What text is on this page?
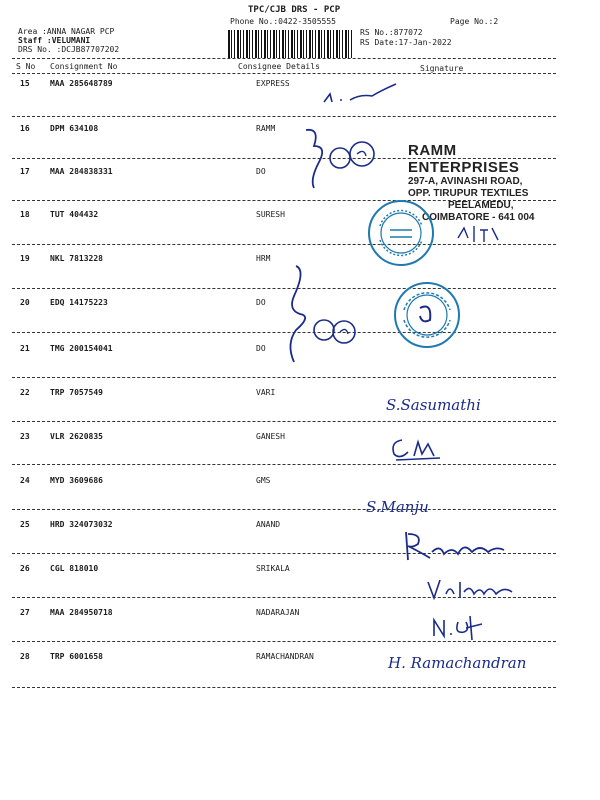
TPC/CJB DRS - PCP
Phone No.:0422-3505555	Page No.:2
Area :ANNA NAGAR PCP
Staff :VELUMANI
DRS No. :DCJB87707202
RS No.:877072
RS Date:17-Jan-2022
S No Consignment No	Consignee Details	Signature
15	MAA 285648789	EXPRESS
16	DPM 634108	RAMM
17	MAA 284838331	DO
18	TUT 404432	SURESH
19	NKL 7813228	HRM
20	EDQ 14175223	DO
21	TMG 200154041	DO
22	TRP 7057549	VARI
23	VLR 2620835	GANESH
24	MYD 3609686	GMS
25	HRD 324073032	ANAND
26	CGL 818010	SRIKALA
27	MAA 284950718	NADARAJAN
28	TRP 6001658	RAMACHANDRAN
RAMM ENTERPRISES
297-A, AVINASHI ROAD,
OPP. TIRUPUR TEXTILES
PEELAMEDU,
COIMBATORE - 641 004
S.Sasumathi
S.Manju
H. Ramachandran
